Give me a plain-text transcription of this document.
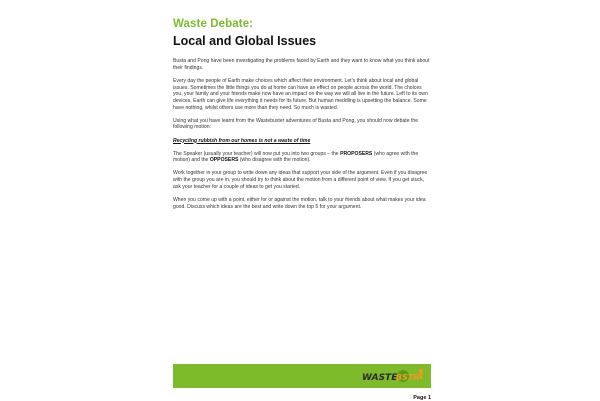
Waste Debate:
Local and Global Issues

Busta and Pong have been investigating the problems faced by Earth and they want to know what you think about their findings.

Every day the people of Earth make choices which affect their environment. Let’s think about local and global issues. Sometimes the little things you do at home can have an effect on people across the world. The choices you, your family and your friends make now have an impact on the way we will all live in the future. Left to its own devices, Earth can give life everything it needs for its future. But human meddling is upsetting the balance. Some have nothing, whilst others use more than they need. So much is wasted.

Using what you have learnt from the Wastebuster adventures of Busta and Pong, you should now debate the following motion:

Recycling rubbish from our homes is not a waste of time

The Speaker (usually your teacher) will now put you into two groups – the PROPOSERS (who agree with the motion) and the OPPOSERS (who disagree with the motion).

Work together in your group to write down any ideas that support your side of the argument. Even if you disagree with the group you are in, you should try to think about the motion from a different point of view. If you get stuck, ask your teacher for a couple of ideas to get you started.

When you come up with a point, either for or against the motion, talk to your friends about what makes your idea good. Discuss which ideas are the best and write down the top 5 for your argument.

WASTE
BSTR
Page 1
